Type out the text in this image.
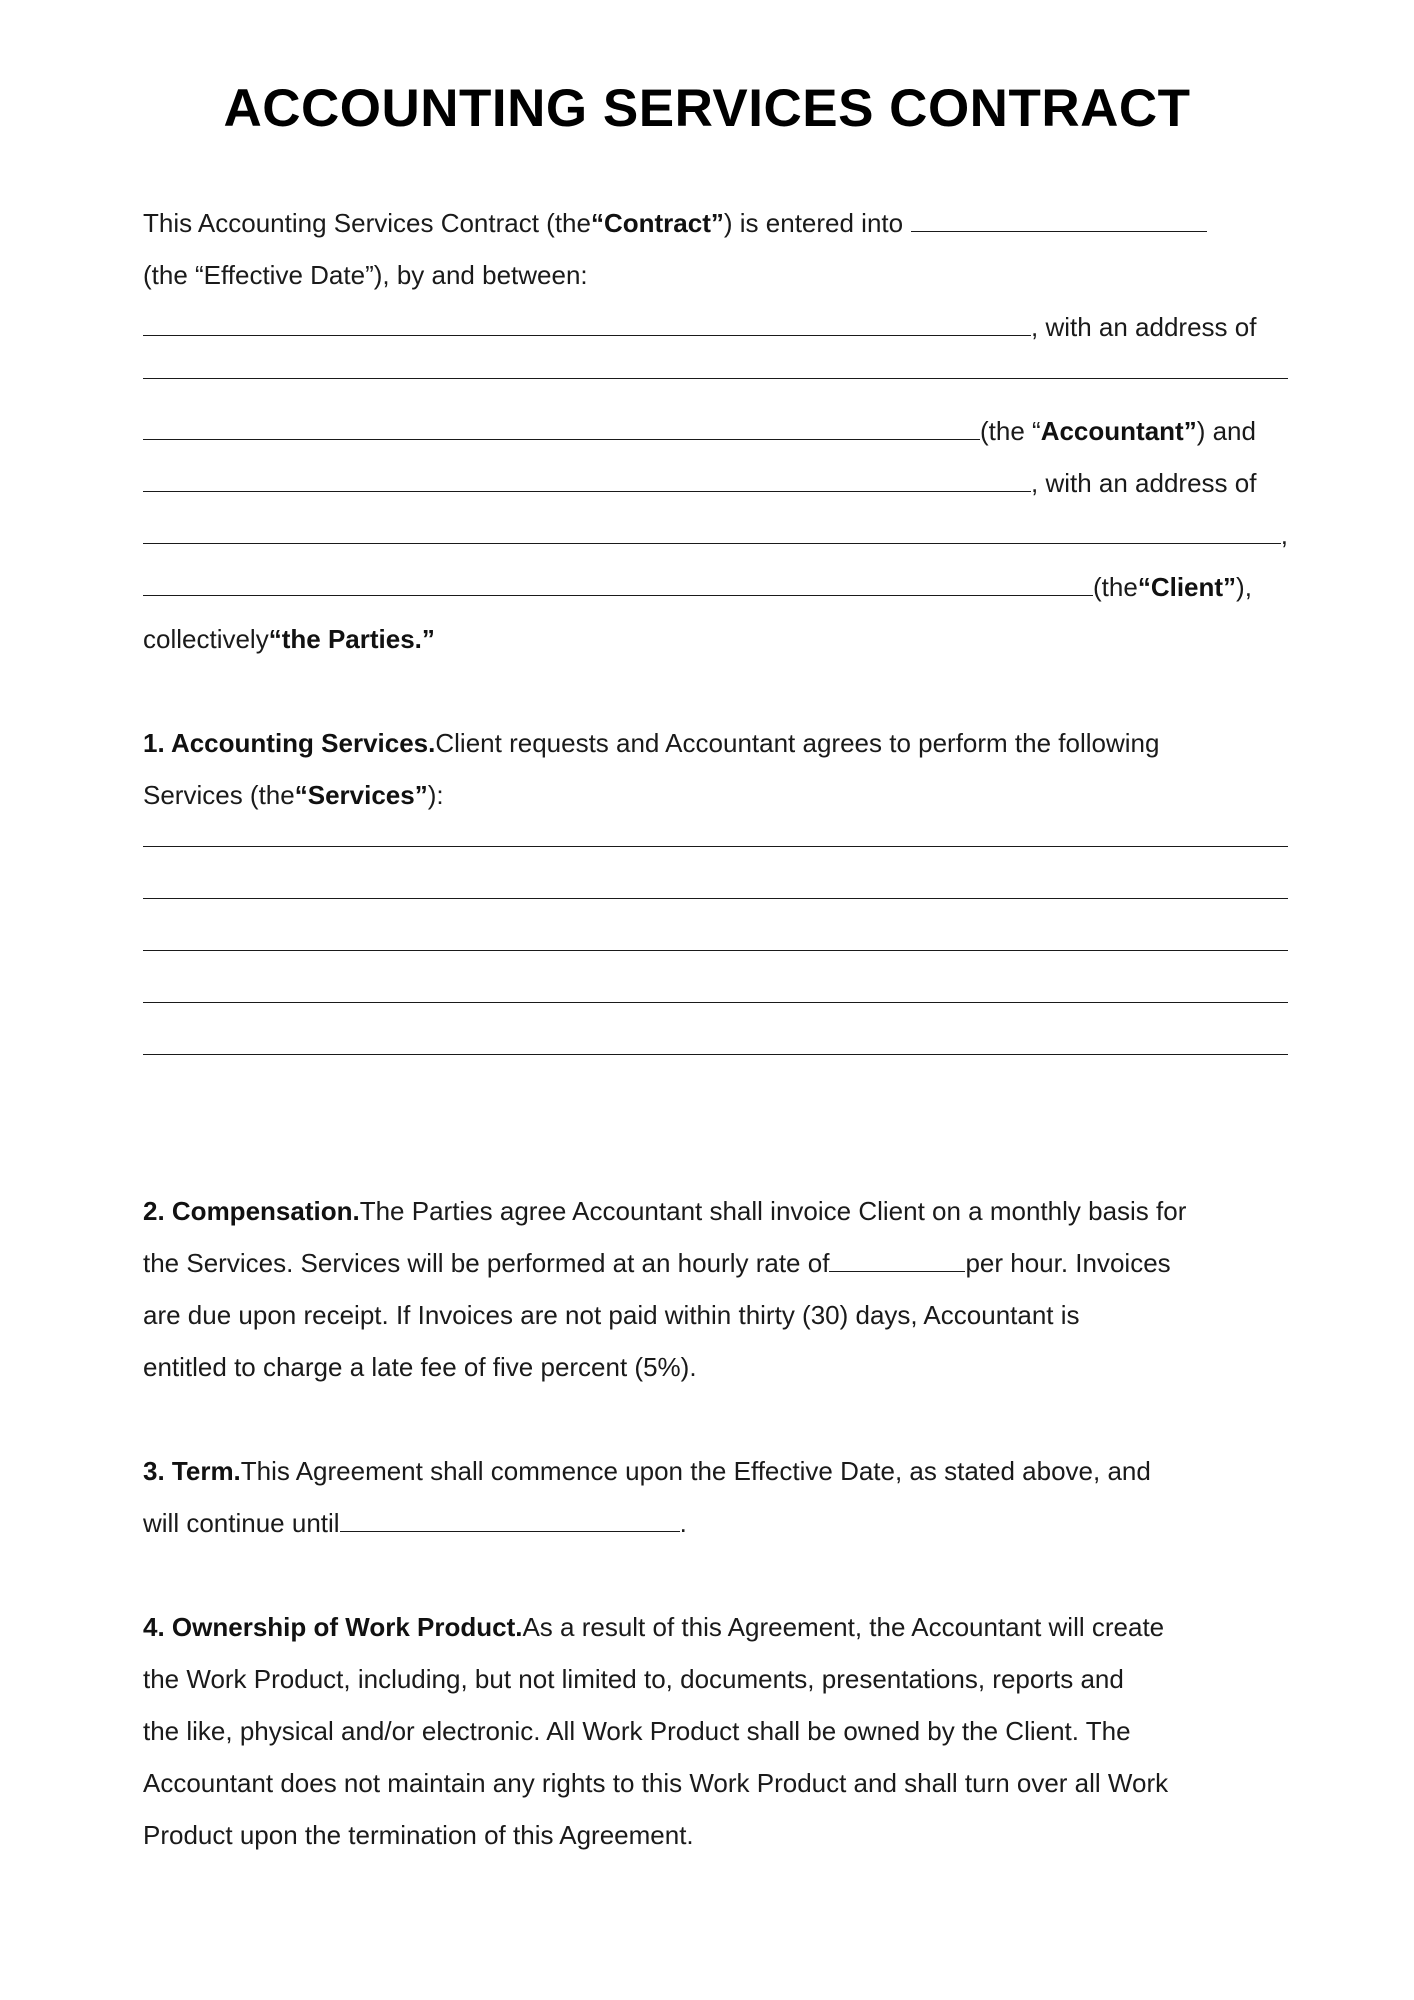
ACCOUNTING SERVICES CONTRACT
This Accounting Services Contract (the “Contract” ) is entered into
(the “Effective Date”), by and between:
, with an address of
(the “ Accountant” ) and
, with an address of
,
(the “Client” ),
collectively “the Parties.”
1. Accounting Services. Client requests and Accountant agrees to perform the following
Services (the “Services” ):
2. Compensation. The Parties agree Accountant shall invoice Client on a monthly basis for
the Services. Services will be performed at an hourly rate of	per hour. Invoices
are due upon receipt. If Invoices are not paid within thirty (30) days, Accountant is
entitled to charge a late fee of five percent (5%).
3. Term. This Agreement shall commence upon the Effective Date, as stated above, and
will continue until	.
4. Ownership of Work Product. As a result of this Agreement, the Accountant will create
the Work Product, including, but not limited to, documents, presentations, reports and
the like, physical and/or electronic. All Work Product shall be owned by the Client. The
Accountant does not maintain any rights to this Work Product and shall turn over all Work
Product upon the termination of this Agreement.
